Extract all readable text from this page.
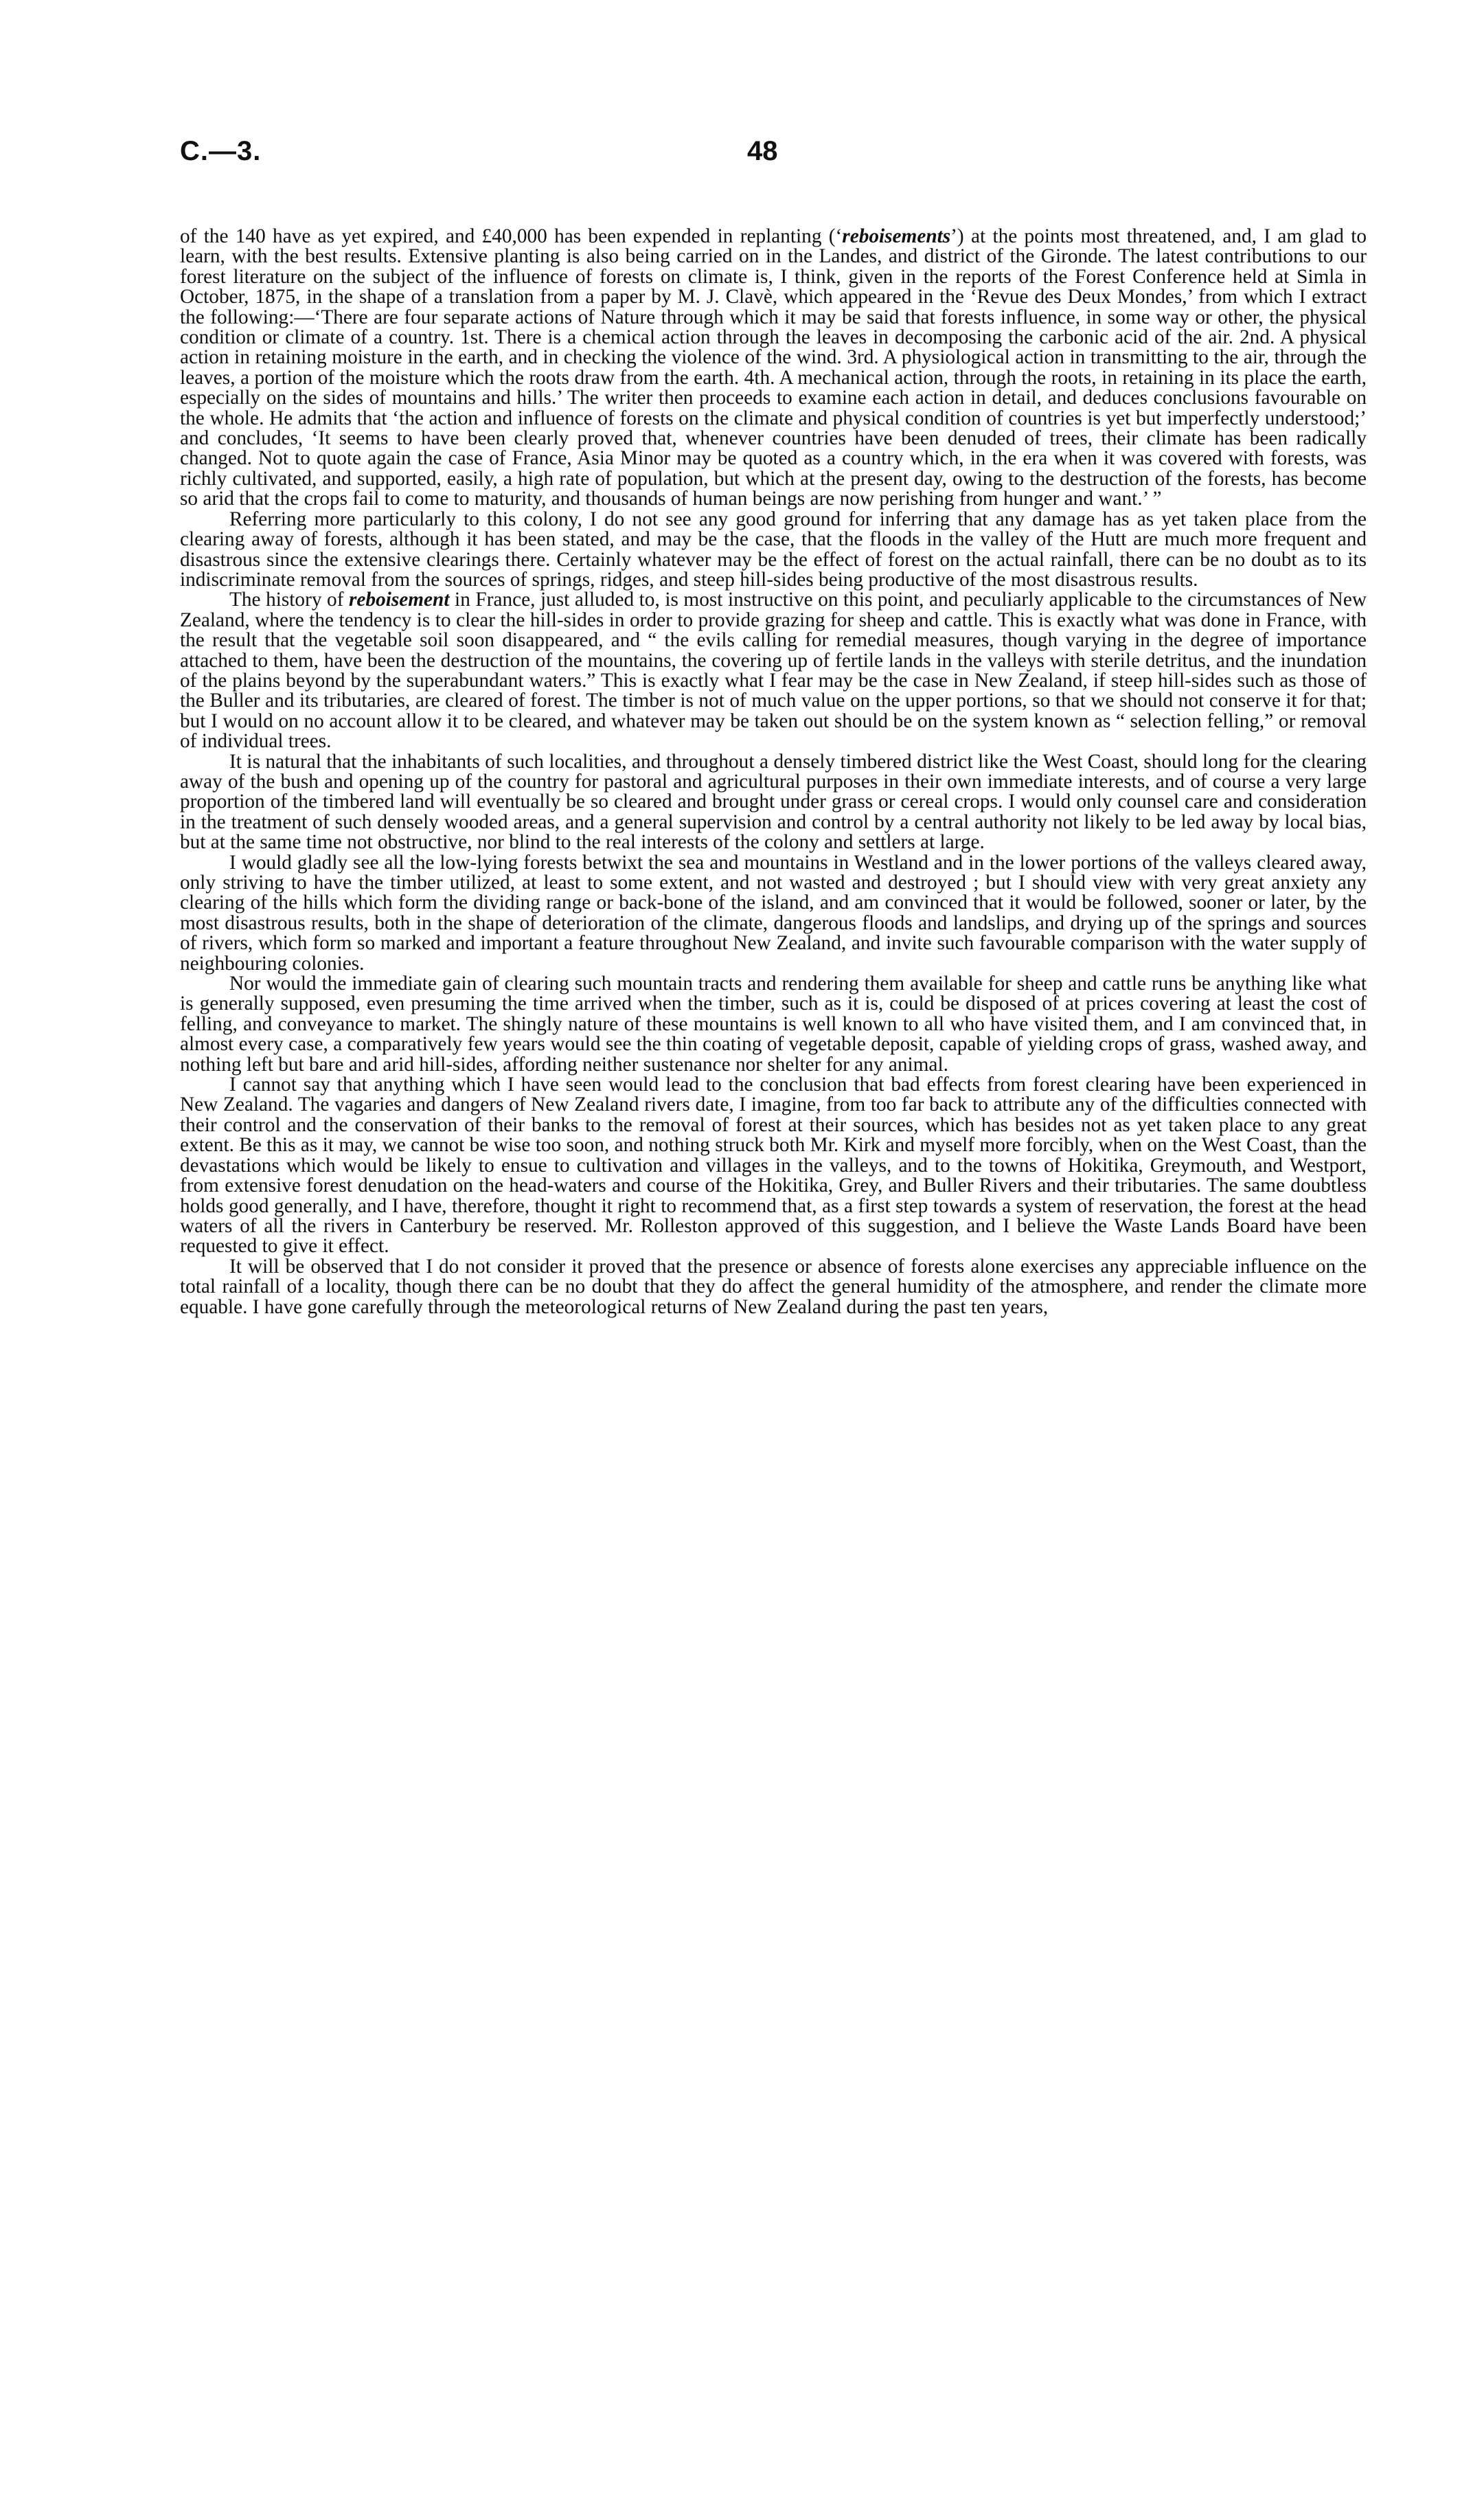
C.—3.	48

of the 140 have as yet expired, and £40,000 has been expended in replanting (‘reboisements’) at the points most threatened, and, I am glad to learn, with the best results. Extensive planting is also being carried on in the Landes, and district of the Gironde. The latest contributions to our forest literature on the subject of the influence of forests on climate is, I think, given in the reports of the Forest Conference held at Simla in October, 1875, in the shape of a translation from a paper by M. J. Clavè, which appeared in the ‘Revue des Deux Mondes,’ from which I extract the following:—‘There are four separate actions of Nature through which it may be said that forests influence, in some way or other, the physical condition or climate of a country. 1st. There is a chemical action through the leaves in decomposing the carbonic acid of the air. 2nd. A physical action in retaining moisture in the earth, and in checking the violence of the wind. 3rd. A physiological action in transmitting to the air, through the leaves, a portion of the moisture which the roots draw from the earth. 4th. A mechanical action, through the roots, in retaining in its place the earth, especially on the sides of mountains and hills.’ The writer then proceeds to examine each action in detail, and deduces conclusions favourable on the whole. He admits that ‘the action and influence of forests on the climate and physical condition of countries is yet but imperfectly understood;’ and concludes, ‘It seems to have been clearly proved that, whenever countries have been denuded of trees, their climate has been radically changed. Not to quote again the case of France, Asia Minor may be quoted as a country which, in the era when it was covered with forests, was richly cultivated, and supported, easily, a high rate of population, but which at the present day, owing to the destruction of the forests, has become so arid that the crops fail to come to maturity, and thousands of human beings are now perishing from hunger and want.’ ”

Referring more particularly to this colony, I do not see any good ground for inferring that any damage has as yet taken place from the clearing away of forests, although it has been stated, and may be the case, that the floods in the valley of the Hutt are much more frequent and disastrous since the extensive clearings there. Certainly whatever may be the effect of forest on the actual rainfall, there can be no doubt as to its indiscriminate removal from the sources of springs, ridges, and steep hill-sides being productive of the most disastrous results.

The history of reboisement in France, just alluded to, is most instructive on this point, and peculiarly applicable to the circumstances of New Zealand, where the tendency is to clear the hill-sides in order to provide grazing for sheep and cattle. This is exactly what was done in France, with the result that the vegetable soil soon disappeared, and “ the evils calling for remedial measures, though varying in the degree of importance attached to them, have been the destruction of the mountains, the covering up of fertile lands in the valleys with sterile detritus, and the inundation of the plains beyond by the superabundant waters.” This is exactly what I fear may be the case in New Zealand, if steep hill-sides such as those of the Buller and its tributaries, are cleared of forest. The timber is not of much value on the upper portions, so that we should not conserve it for that; but I would on no account allow it to be cleared, and whatever may be taken out should be on the system known as “ selection felling,” or removal of individual trees.

It is natural that the inhabitants of such localities, and throughout a densely timbered district like the West Coast, should long for the clearing away of the bush and opening up of the country for pastoral and agricultural purposes in their own immediate interests, and of course a very large proportion of the timbered land will eventually be so cleared and brought under grass or cereal crops. I would only counsel care and consideration in the treatment of such densely wooded areas, and a general supervision and control by a central authority not likely to be led away by local bias, but at the same time not obstructive, nor blind to the real interests of the colony and settlers at large.

I would gladly see all the low-lying forests betwixt the sea and mountains in Westland and in the lower portions of the valleys cleared away, only striving to have the timber utilized, at least to some extent, and not wasted and destroyed ; but I should view with very great anxiety any clearing of the hills which form the dividing range or back-bone of the island, and am convinced that it would be followed, sooner or later, by the most disastrous results, both in the shape of deterioration of the climate, dangerous floods and landslips, and drying up of the springs and sources of rivers, which form so marked and important a feature throughout New Zealand, and invite such favourable comparison with the water supply of neighbouring colonies.

Nor would the immediate gain of clearing such mountain tracts and rendering them available for sheep and cattle runs be anything like what is generally supposed, even presuming the time arrived when the timber, such as it is, could be disposed of at prices covering at least the cost of felling, and conveyance to market. The shingly nature of these mountains is well known to all who have visited them, and I am convinced that, in almost every case, a comparatively few years would see the thin coating of vegetable deposit, capable of yielding crops of grass, washed away, and nothing left but bare and arid hill-sides, affording neither sustenance nor shelter for any animal.

I cannot say that anything which I have seen would lead to the conclusion that bad effects from forest clearing have been experienced in New Zealand. The vagaries and dangers of New Zealand rivers date, I imagine, from too far back to attribute any of the difficulties connected with their control and the conservation of their banks to the removal of forest at their sources, which has besides not as yet taken place to any great extent. Be this as it may, we cannot be wise too soon, and nothing struck both Mr. Kirk and myself more forcibly, when on the West Coast, than the devastations which would be likely to ensue to cultivation and villages in the valleys, and to the towns of Hokitika, Greymouth, and Westport, from extensive forest denudation on the head-waters and course of the Hokitika, Grey, and Buller Rivers and their tributaries. The same doubtless holds good generally, and I have, therefore, thought it right to recommend that, as a first step towards a system of reservation, the forest at the head waters of all the rivers in Canterbury be reserved. Mr. Rolleston approved of this suggestion, and I believe the Waste Lands Board have been requested to give it effect.

It will be observed that I do not consider it proved that the presence or absence of forests alone exercises any appreciable influence on the total rainfall of a locality, though there can be no doubt that they do affect the general humidity of the atmosphere, and render the climate more equable. I have gone carefully through the meteorological returns of New Zealand during the past ten years,
